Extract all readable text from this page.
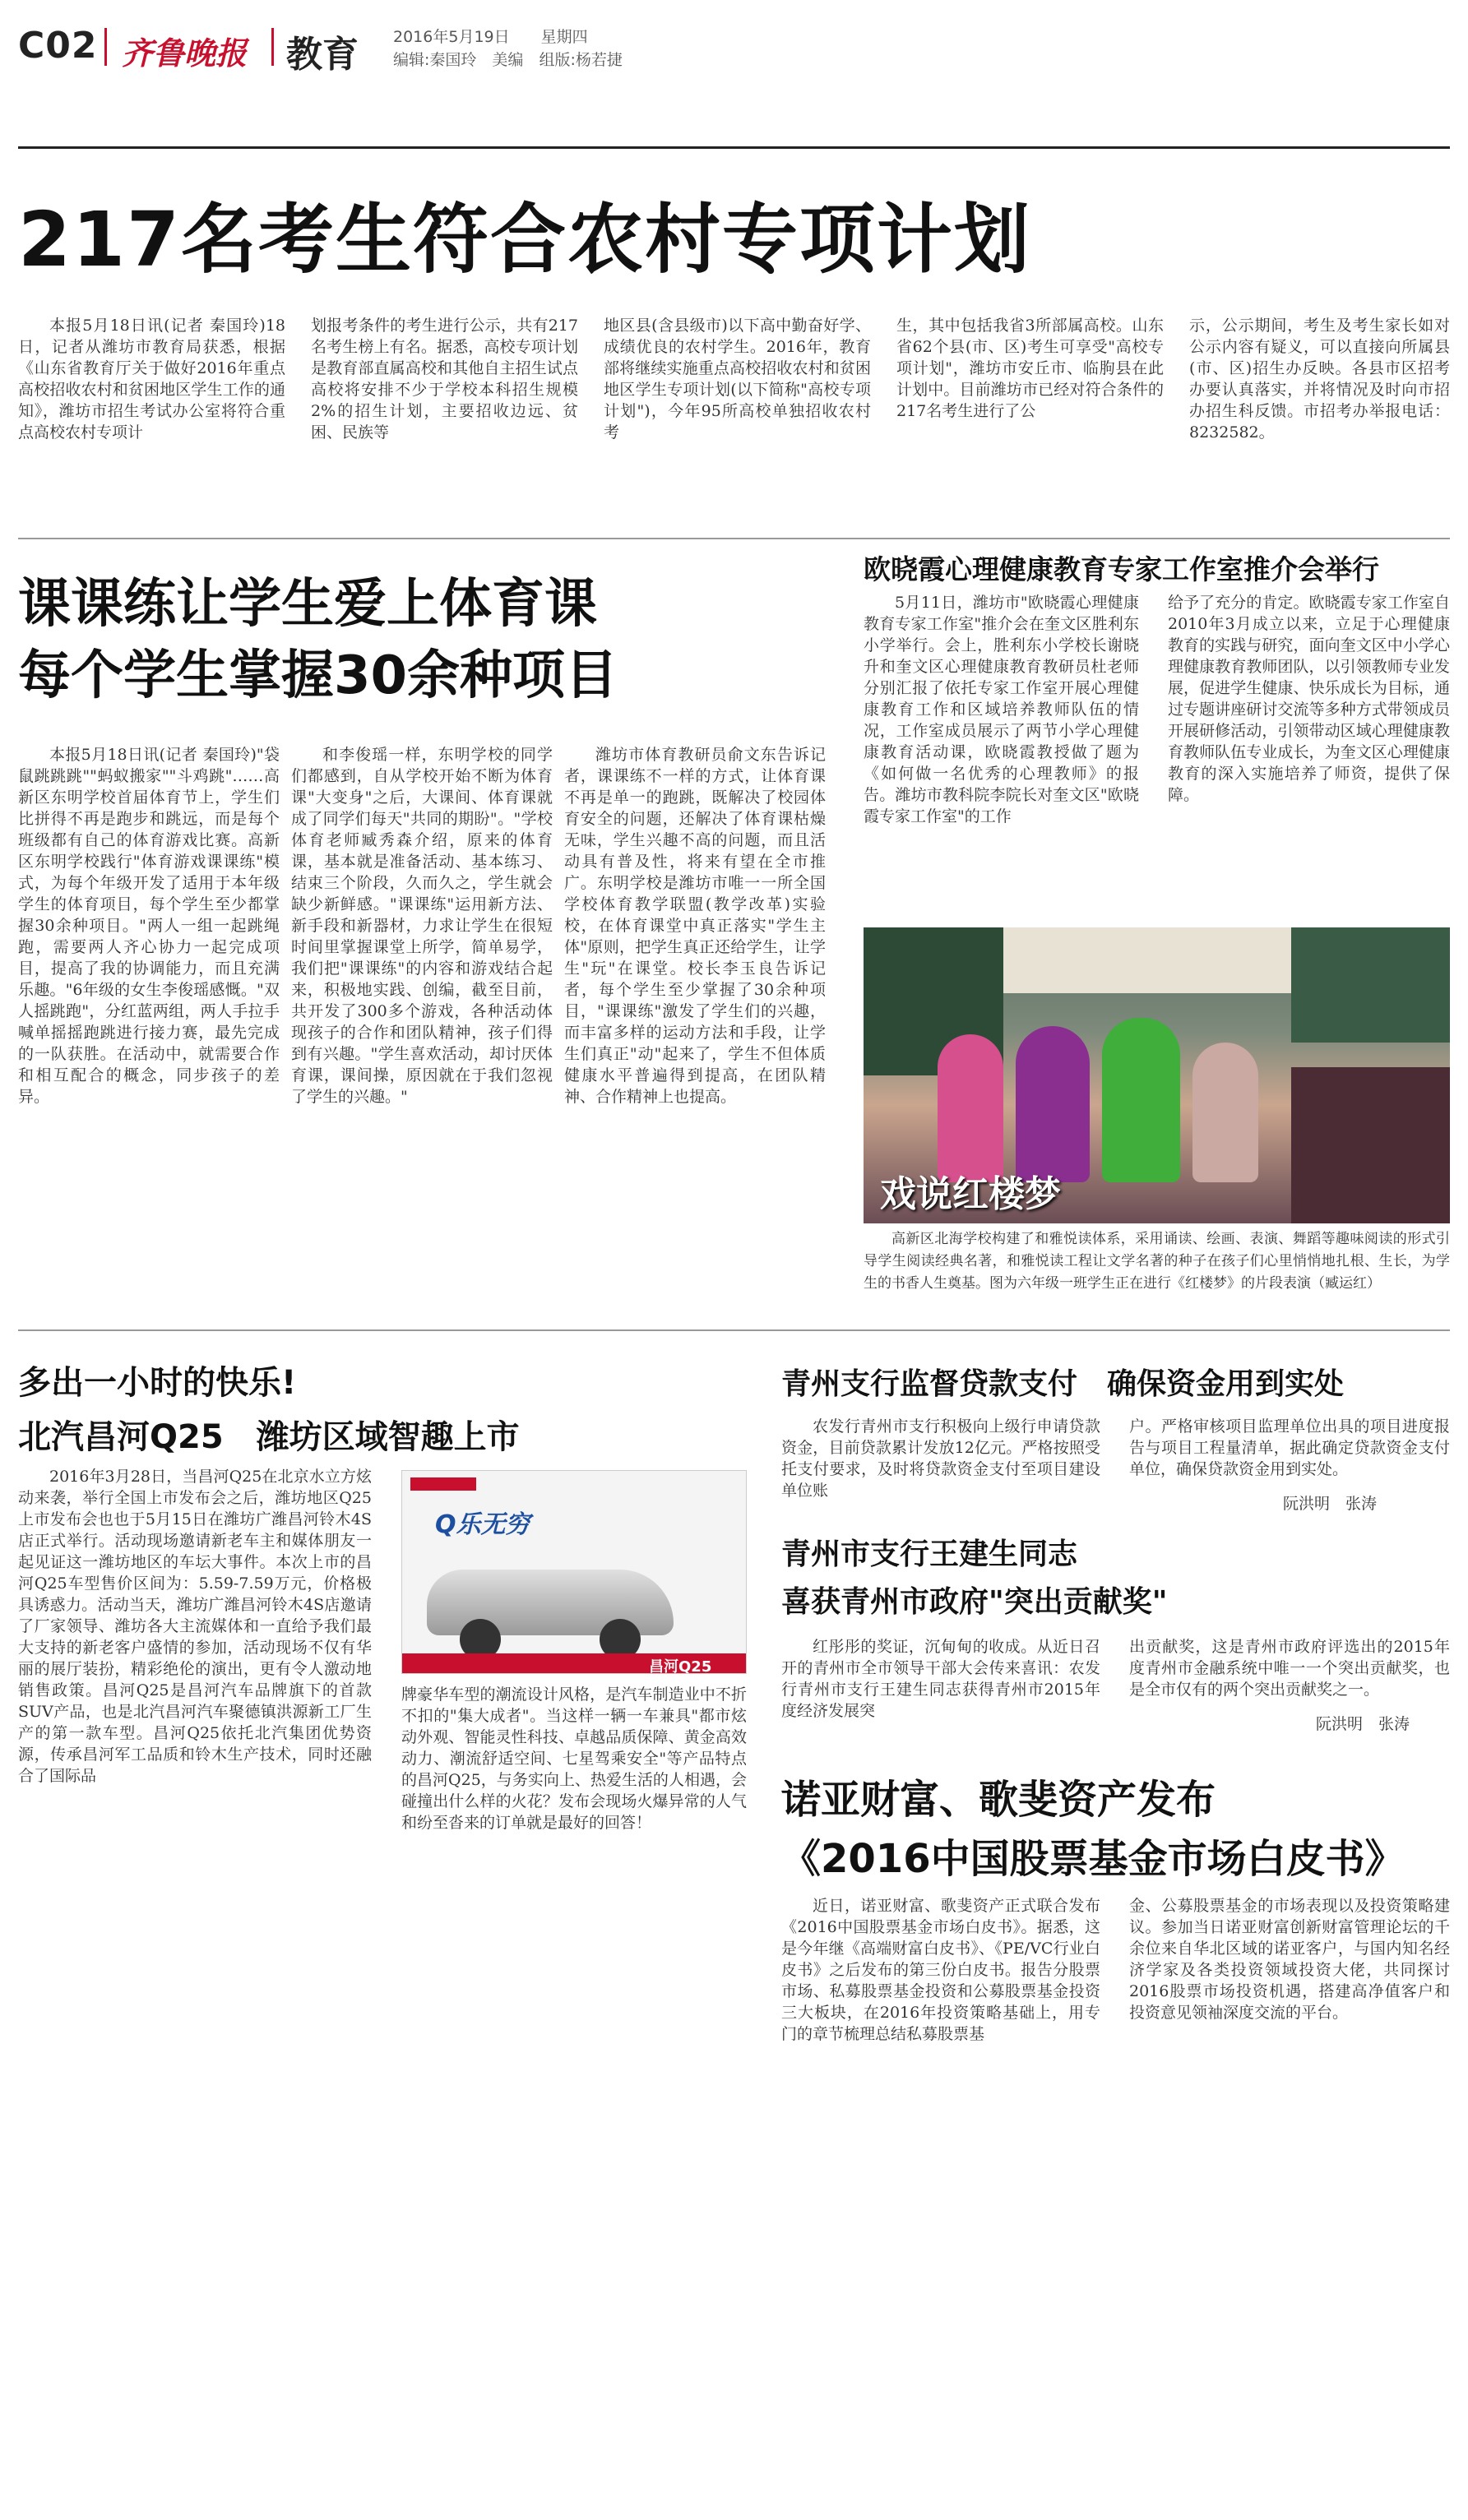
C02 齐鲁晚报 教育 2016年5月19日　　 星期四
编辑:秦国玲　 美编　 组版:杨若捷
217名考生符合农村专项计划

本报5月18日讯(记者 秦国玲)18日，记者从潍坊市教育局获悉，根据《山东省教育厅关于做好2016年重点高校招收农村和贫困地区学生工作的通知》，潍坊市招生考试办公室将符合重点高校农村专项计

划报考条件的考生进行公示，共有217名考生榜上有名。据悉，高校专项计划是教育部直属高校和其他自主招生试点高校将安排不少于学校本科招生规模2%的招生计划，主要招收边远、贫困、民族等

地区县(含县级市)以下高中勤奋好学、成绩优良的农村学生。2016年，教育部将继续实施重点高校招收农村和贫困地区学生专项计划(以下简称"高校专项计划")，今年95所高校单独招收农村考

生，其中包括我省3所部属高校。山东省62个县(市、区)考生可享受"高校专项计划"，潍坊市安丘市、临朐县在此计划中。目前潍坊市已经对符合条件的217名考生进行了公

示，公示期间，考生及考生家长如对公示内容有疑义，可以直接向所属县(市、区)招生办反映。各县市区招考办要认真落实，并将情况及时向市招办招生科反馈。市招考办举报电话：8232582。

课课练让学生爱上体育课
每个学生掌握30余种项目

本报5月18日讯(记者 秦国玲)"袋鼠跳跳跳""蚂蚁搬家""斗鸡跳"……高新区东明学校首届体育节上，学生们比拼得不再是跑步和跳远，而是每个班级都有自己的体育游戏比赛。高新区东明学校践行"体育游戏课课练"模式，为每个年级开发了适用于本年级学生的体育项目，每个学生至少都掌握30余种项目。"两人一组一起跳绳跑，需要两人齐心协力一起完成项目，提高了我的协调能力，而且充满乐趣。"6年级的女生李俊瑶感慨。"双人摇跳跑"，分红蓝两组，两人手拉手喊单摇摇跑跳进行接力赛，最先完成的一队获胜。在活动中，就需要合作和相互配合的概念，同步孩子的差异。

和李俊瑶一样，东明学校的同学们都感到，自从学校开始不断为体育课"大变身"之后，大课间、体育课就成了同学们每天"共同的期盼"。"学校体育老师臧秀森介绍，原来的体育课，基本就是准备活动、基本练习、结束三个阶段，久而久之，学生就会缺少新鲜感。"课课练"运用新方法、新手段和新器材，力求让学生在很短时间里掌握课堂上所学，简单易学，我们把"课课练"的内容和游戏结合起来，积极地实践、创编，截至目前，共开发了300多个游戏，各种活动体现孩子的合作和团队精神，孩子们得到有兴趣。"学生喜欢活动，却讨厌体育课，课间操，原因就在于我们忽视了学生的兴趣。"

潍坊市体育教研员俞文东告诉记者，课课练不一样的方式，让体育课不再是单一的跑跳，既解决了校园体育安全的问题，还解决了体育课枯燥无味，学生兴趣不高的问题，而且活动具有普及性，将来有望在全市推广。东明学校是潍坊市唯一一所全国学校体育教学联盟(教学改革)实验校，在体育课堂中真正落实"学生主体"原则，把学生真正还给学生，让学生"玩"在课堂。校长李玉良告诉记者，每个学生至少掌握了30余种项目，"课课练"激发了学生们的兴趣，而丰富多样的运动方法和手段，让学生们真正"动"起来了，学生不但体质健康水平普遍得到提高，在团队精神、合作精神上也提高。

欧晓霞心理健康教育专家工作室推介会举行

5月11日，潍坊市"欧晓霞心理健康教育专家工作室"推介会在奎文区胜利东小学举行。会上，胜利东小学校长谢晓升和奎文区心理健康教育教研员杜老师分别汇报了依托专家工作室开展心理健康教育工作和区域培养教师队伍的情况，工作室成员展示了两节小学心理健康教育活动课，欧晓霞教授做了题为《如何做一名优秀的心理教师》的报告。潍坊市教科院李院长对奎文区"欧晓霞专家工作室"的工作

给予了充分的肯定。欧晓霞专家工作室自2010年3月成立以来，立足于心理健康教育的实践与研究，面向奎文区中小学心理健康教育教师团队，以引领教师专业发展，促进学生健康、快乐成长为目标，通过专题讲座研讨交流等多种方式带领成员开展研修活动，引领带动区域心理健康教育教师队伍专业成长，为奎文区心理健康教育的深入实施培养了师资，提供了保障。

戏说红楼梦

高新区北海学校构建了和雅悦读体系，采用诵读、绘画、表演、舞蹈等趣味阅读的形式引导学生阅读经典名著，和雅悦读工程让文学名著的种子在孩子们心里悄悄地扎根、生长，为学生的书香人生奠基。图为六年级一班学生正在进行《红楼梦》的片段表演（臧运红）

多出一小时的快乐!
北汽昌河Q25　潍坊区域智趣上市

2016年3月28日，当昌河Q25在北京水立方炫动来袭，举行全国上市发布会之后，潍坊地区Q25上市发布会也也于5月15日在潍坊广潍昌河铃木4S店正式举行。活动现场邀请新老车主和媒体朋友一起见证这一潍坊地区的车坛大事件。本次上市的昌河Q25车型售价区间为：5.59-7.59万元，价格极具诱惑力。活动当天，潍坊广潍昌河铃木4S店邀请了厂家领导、潍坊各大主流媒体和一直给予我们最大支持的新老客户盛情的参加，活动现场不仅有华丽的展厅装扮，精彩绝伦的演出，更有令人激动地销售政策。昌河Q25是昌河汽车品牌旗下的首款SUV产品，也是北汽昌河汽车聚德镇洪源新工厂生产的第一款车型。昌河Q25依托北汽集团优势资源，传承昌河军工品质和铃木生产技术，同时还融合了国际品

Q乐无穷
昌河Q25

牌豪华车型的潮流设计风格，是汽车制造业中不折不扣的"集大成者"。当这样一辆一车兼具"都市炫动外观、智能灵性科技、卓越品质保障、黄金高效动力、潮流舒适空间、七星驾乘安全"等产品特点的昌河Q25，与务实向上、热爱生活的人相遇，会碰撞出什么样的火花？发布会现场火爆异常的人气和纷至沓来的订单就是最好的回答！

青州支行监督贷款支付　确保资金用到实处

农发行青州市支行积极向上级行申请贷款资金，目前贷款累计发放12亿元。严格按照受托支付要求，及时将贷款资金支付至项目建设单位账

户。严格审核项目监理单位出具的项目进度报告与项目工程量清单，据此确定贷款资金支付单位，确保贷款资金用到实处。

阮洪明　张涛
青州市支行王建生同志
喜获青州市政府"突出贡献奖"

红彤彤的奖证，沉甸甸的收成。从近日召开的青州市全市领导干部大会传来喜讯：农发行青州市支行王建生同志获得青州市2015年度经济发展突

出贡献奖，这是青州市政府评选出的2015年度青州市金融系统中唯一一个突出贡献奖，也是全市仅有的两个突出贡献奖之一。

阮洪明　张涛
诺亚财富、歌斐资产发布
《2016中国股票基金市场白皮书》

近日，诺亚财富、歌斐资产正式联合发布《2016中国股票基金市场白皮书》。据悉，这是今年继《高端财富白皮书》、《PE/VC行业白皮书》之后发布的第三份白皮书。报告分股票市场、私募股票基金投资和公募股票基金投资三大板块，在2016年投资策略基础上，用专门的章节梳理总结私募股票基

金、公募股票基金的市场表现以及投资策略建议。参加当日诺亚财富创新财富管理论坛的千余位来自华北区域的诺亚客户，与国内知名经济学家及各类投资领域投资大佬，共同探讨2016股票市场投资机遇，搭建高净值客户和投资意见领袖深度交流的平台。
